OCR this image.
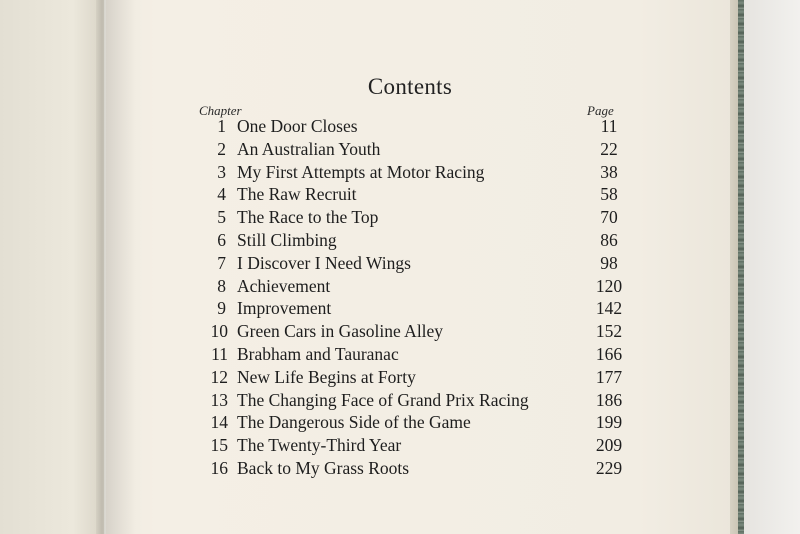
Contents
Chapter	Page
1 One Door Closes	11
2 An Australian Youth	22
3 My First Attempts at Motor Racing	38
4 The Raw Recruit	58
5 The Race to the Top	70
6 Still Climbing	86
7 I Discover I Need Wings	98
8 Achievement	120
9 Improvement	142
10 Green Cars in Gasoline Alley	152
11 Brabham and Tauranac	166
12 New Life Begins at Forty	177
13 The Changing Face of Grand Prix Racing	186
14 The Dangerous Side of the Game	199
15 The Twenty-Third Year	209
16 Back to My Grass Roots	229
